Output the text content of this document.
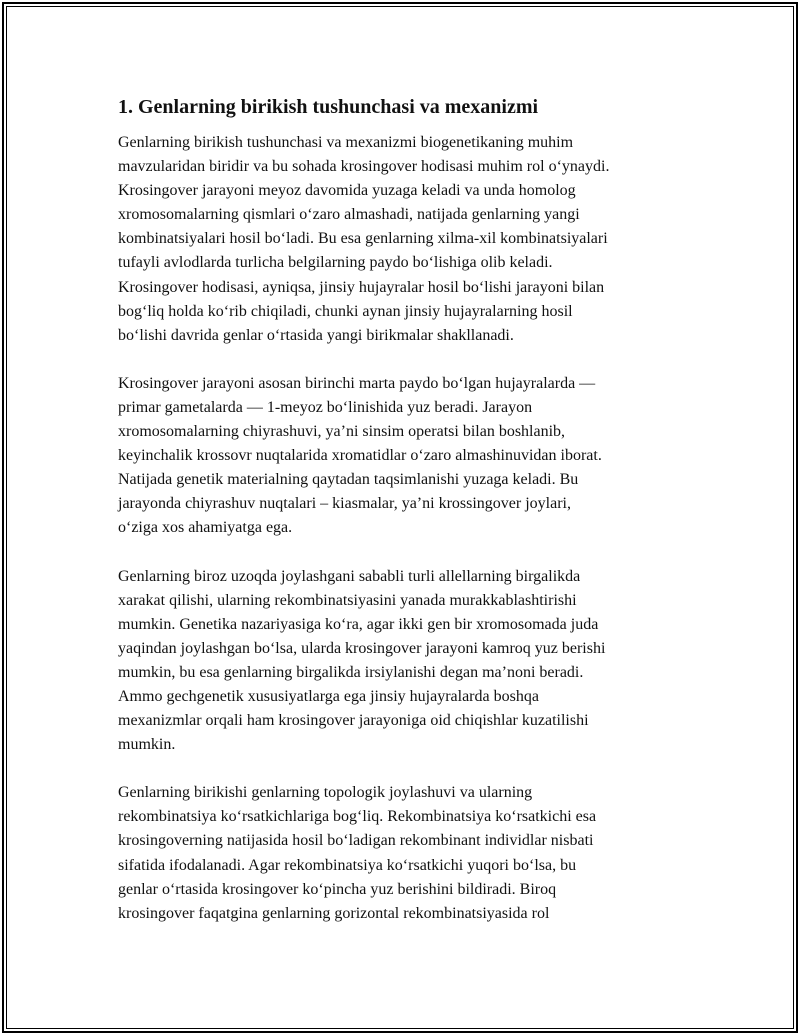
1. Genlarning birikish tushunchasi va mexanizmi

Genlarning birikish tushunchasi va mexanizmi biogenetikaning muhim
mavzularidan biridir va bu sohada krosingover hodisasi muhim rol o‘ynaydi.
Krosingover jarayoni meyoz davomida yuzaga keladi va unda homolog
xromosomalarning qismlari o‘zaro almashadi, natijada genlarning yangi
kombinatsiyalari hosil bo‘ladi. Bu esa genlarning xilma-xil kombinatsiyalari
tufayli avlodlarda turlicha belgilarning paydo bo‘lishiga olib keladi.
Krosingover hodisasi, ayniqsa, jinsiy hujayralar hosil bo‘lishi jarayoni bilan
bog‘liq holda ko‘rib chiqiladi, chunki aynan jinsiy hujayralarning hosil
bo‘lishi davrida genlar o‘rtasida yangi birikmalar shakllanadi.

Krosingover jarayoni asosan birinchi marta paydo bo‘lgan hujayralarda —
primar gametalarda — 1-meyoz bo‘linishida yuz beradi. Jarayon
xromosomalarning chiyrashuvi, ya’ni sinsim operatsi bilan boshlanib,
keyinchalik krossovr nuqtalarida xromatidlar o‘zaro almashinuvidan iborat.
Natijada genetik materialning qaytadan taqsimlanishi yuzaga keladi. Bu
jarayonda chiyrashuv nuqtalari – kiasmalar, ya’ni krossingover joylari,
o‘ziga xos ahamiyatga ega.

Genlarning biroz uzoqda joylashgani sababli turli allellarning birgalikda
xarakat qilishi, ularning rekombinatsiyasini yanada murakkablashtirishi
mumkin. Genetika nazariyasiga ko‘ra, agar ikki gen bir xromosomada juda
yaqindan joylashgan bo‘lsa, ularda krosingover jarayoni kamroq yuz berishi
mumkin, bu esa genlarning birgalikda irsiylanishi degan ma’noni beradi.
Ammo gechgenetik xususiyatlarga ega jinsiy hujayralarda boshqa
mexanizmlar orqali ham krosingover jarayoniga oid chiqishlar kuzatilishi
mumkin.

Genlarning birikishi genlarning topologik joylashuvi va ularning
rekombinatsiya ko‘rsatkichlariga bog‘liq. Rekombinatsiya ko‘rsatkichi esa
krosingoverning natijasida hosil bo‘ladigan rekombinant individlar nisbati
sifatida ifodalanadi. Agar rekombinatsiya ko‘rsatkichi yuqori bo‘lsa, bu
genlar o‘rtasida krosingover ko‘pincha yuz berishini bildiradi. Biroq
krosingover faqatgina genlarning gorizontal rekombinatsiyasida rol
